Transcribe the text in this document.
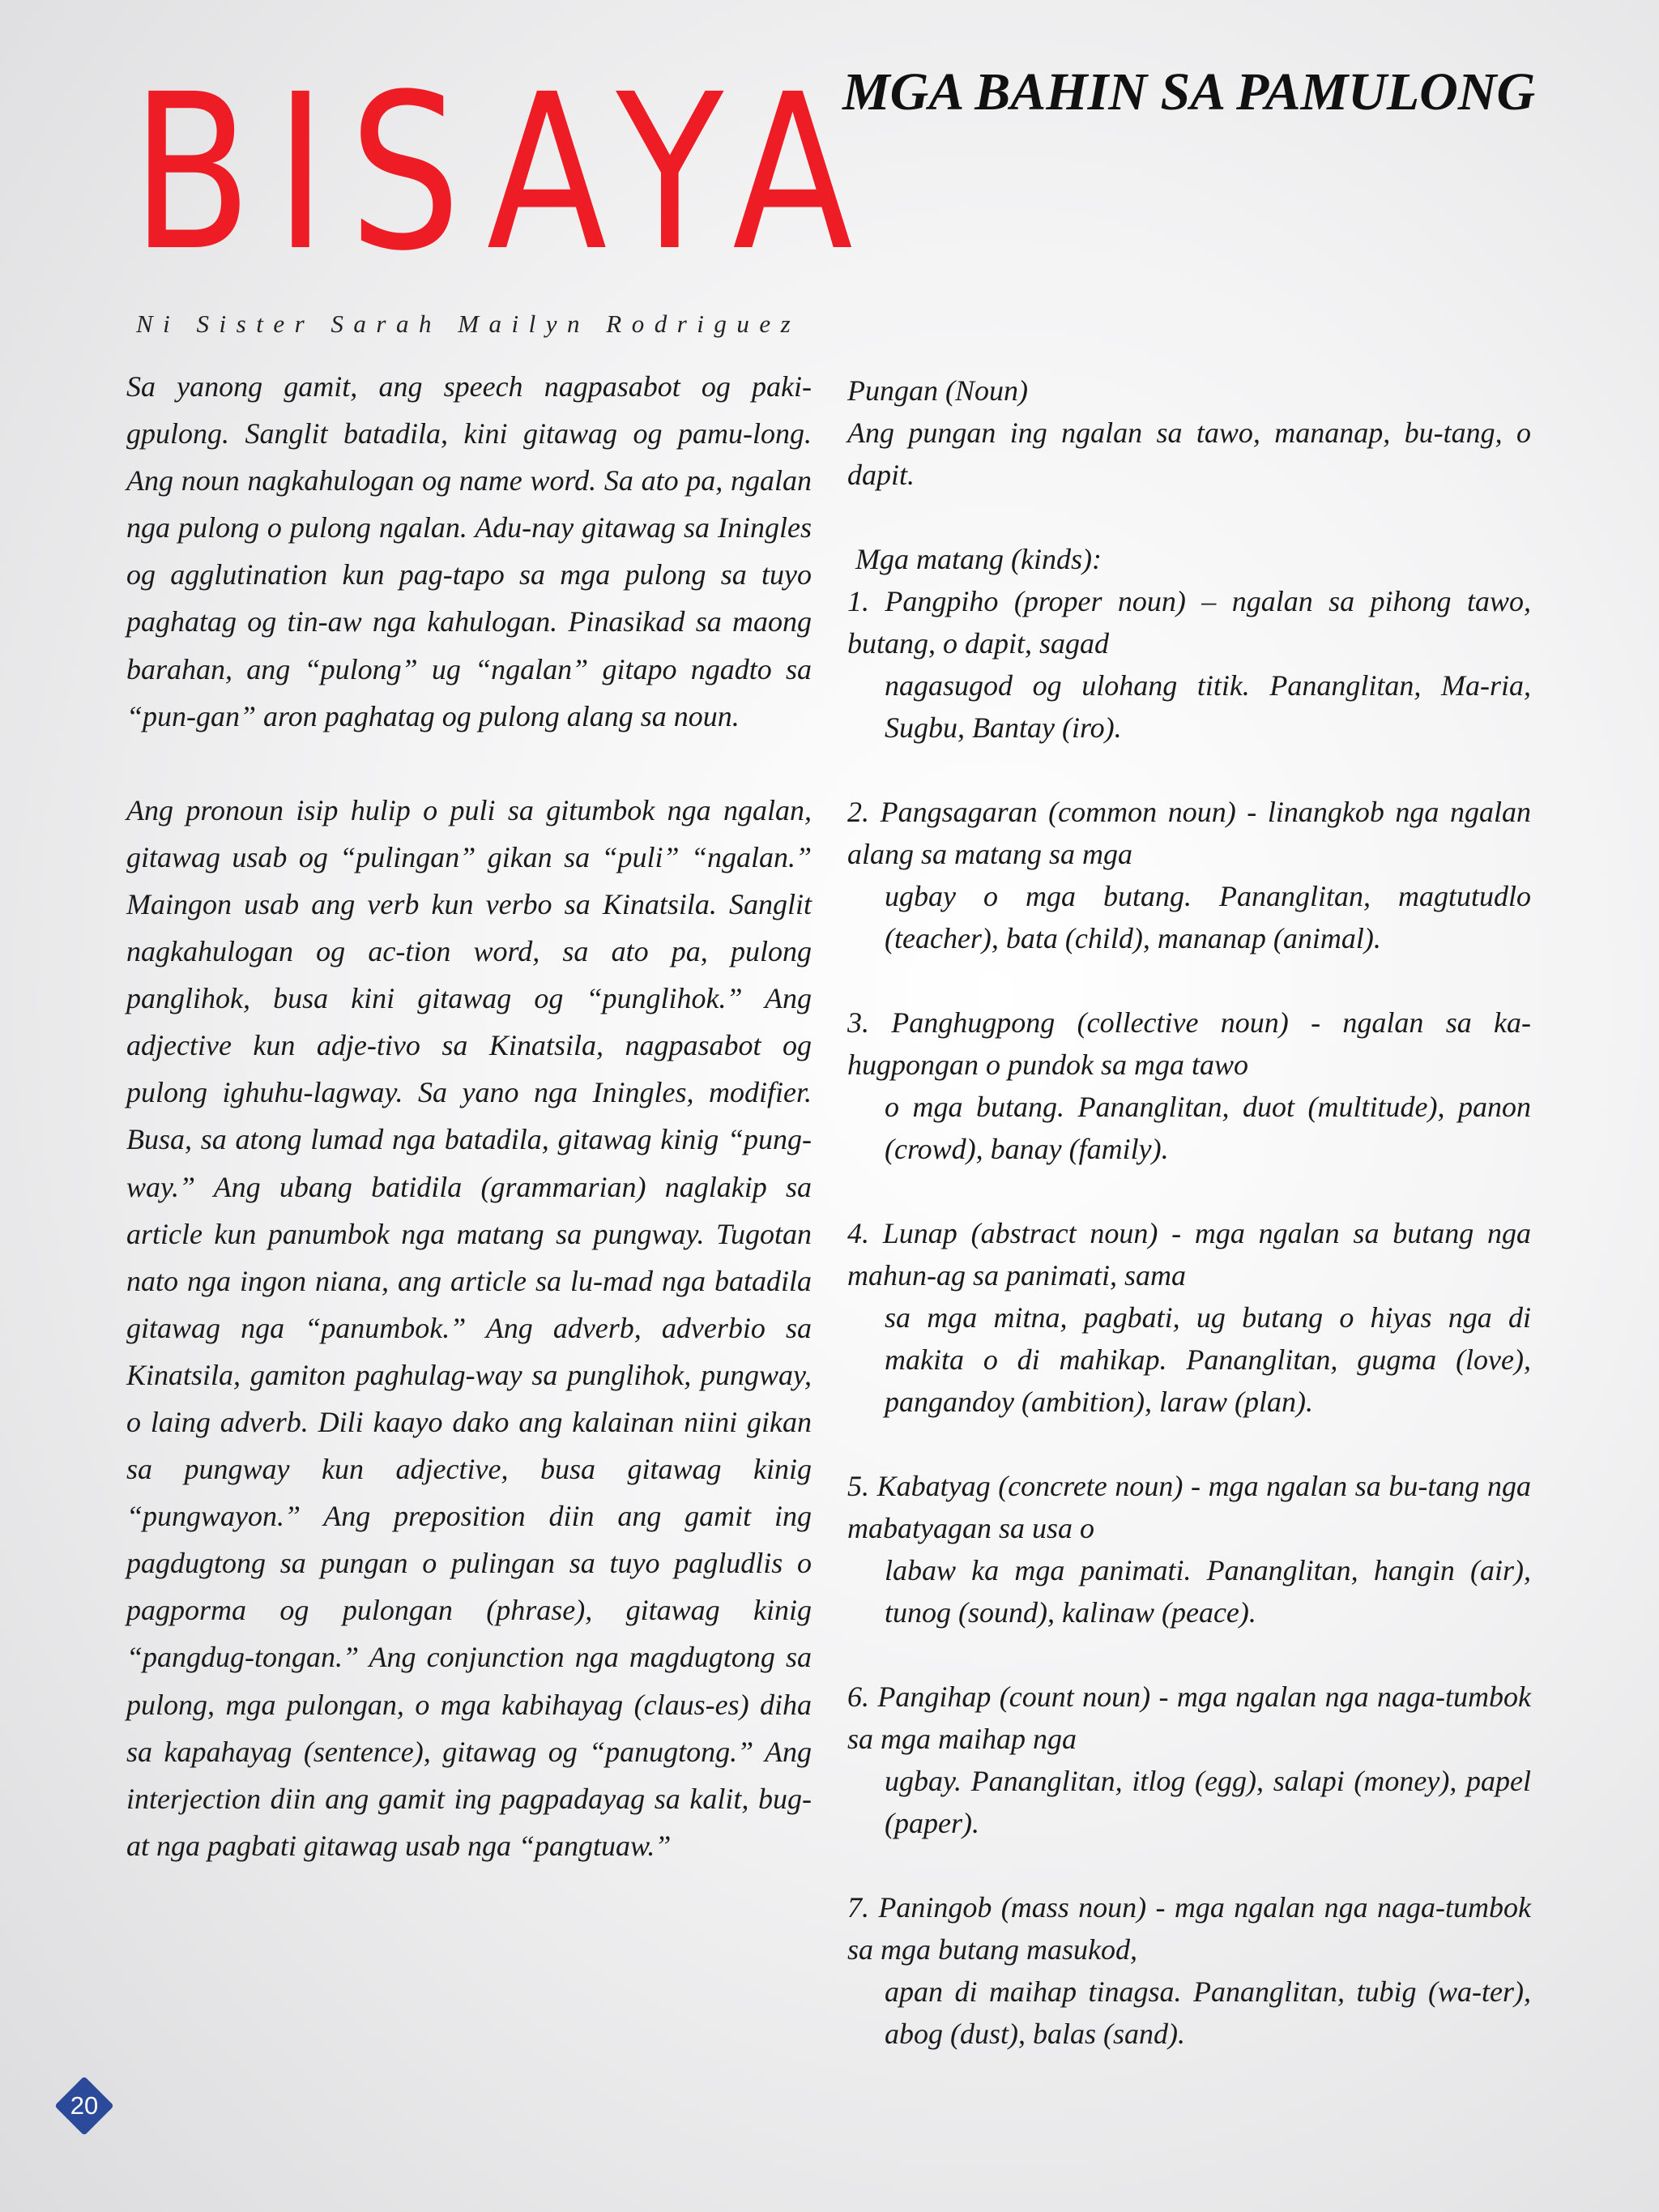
BISAYA
MGA BAHIN SA PAMULONG
Ni Sister Sarah Mailyn Rodriguez

Sa yanong gamit, ang speech nagpasabot og paki-gpulong. Sanglit batadila, kini gitawag og pamu-long. Ang noun nagkahulogan og name word. Sa ato pa, ngalan nga pulong o pulong ngalan. Adu-nay gitawag sa Iningles og agglutination kun pag-tapo sa mga pulong sa tuyo paghatag og tin-aw nga kahulogan. Pinasikad sa maong barahan, ang “pulong” ug “ngalan” gitapo ngadto sa “pun-gan” aron paghatag og pulong alang sa noun.

Ang pronoun isip hulip o puli sa gitumbok nga ngalan, gitawag usab og “pulingan” gikan sa “puli” “ngalan.” Maingon usab ang verb kun verbo sa Kinatsila. Sanglit nagkahulogan og ac-tion word, sa ato pa, pulong panglihok, busa kini gitawag og “punglihok.” Ang adjective kun adje-tivo sa Kinatsila, nagpasabot og pulong ighuhu-lagway. Sa yano nga Iningles, modifier. Busa, sa atong lumad nga batadila, gitawag kinig “pung-way.” Ang ubang batidila (grammarian) naglakip sa article kun panumbok nga matang sa pungway. Tugotan nato nga ingon niana, ang article sa lu-mad nga batadila gitawag nga “panumbok.” Ang adverb, adverbio sa Kinatsila, gamiton paghulag-way sa punglihok, pungway, o laing adverb. Dili kaayo dako ang kalainan niini gikan sa pungway kun adjective, busa gitawag kinig “pungwayon.” Ang preposition diin ang gamit ing pagdugtong sa pungan o pulingan sa tuyo pagludlis o pagporma og pulongan (phrase), gitawag kinig “pangdug-tongan.” Ang conjunction nga magdugtong sa pulong, mga pulongan, o mga kabihayag (claus-es) diha sa kapahayag (sentence), gitawag og “panugtong.” Ang interjection diin ang gamit ing pagpadayag sa kalit, bug-at nga pagbati gitawag usab nga “pangtuaw.”

Pungan (Noun)

Ang pungan ing ngalan sa tawo, mananap, bu-tang, o dapit.

Mga matang (kinds):

1. Pangpiho (proper noun) – ngalan sa pihong tawo, butang, o dapit, sagad

nagasugod og ulohang titik. Pananglitan, Ma-ria, Sugbu, Bantay (iro).

2. Pangsagaran (common noun) - linangkob nga ngalan alang sa matang sa mga

ugbay o mga butang. Pananglitan, magtutudlo (teacher), bata (child), mananap (animal).

3. Panghugpong (collective noun) - ngalan sa ka-hugpongan o pundok sa mga tawo

o mga butang. Pananglitan, duot (multitude), panon (crowd), banay (family).

4. Lunap (abstract noun) - mga ngalan sa butang nga mahun-ag sa panimati, sama

sa mga mitna, pagbati, ug butang o hiyas nga di makita o di mahikap. Pananglitan, gugma (love), pangandoy (ambition), laraw (plan).

5. Kabatyag (concrete noun) - mga ngalan sa bu-tang nga mabatyagan sa usa o

labaw ka mga panimati. Pananglitan, hangin (air), tunog (sound), kalinaw (peace).

6. Pangihap (count noun) - mga ngalan nga naga-tumbok sa mga maihap nga

ugbay. Pananglitan, itlog (egg), salapi (money), papel (paper).

7. Paningob (mass noun) - mga ngalan nga naga-tumbok sa mga butang masukod,

apan di maihap tinagsa. Pananglitan, tubig (wa-ter), abog (dust), balas (sand).

20
